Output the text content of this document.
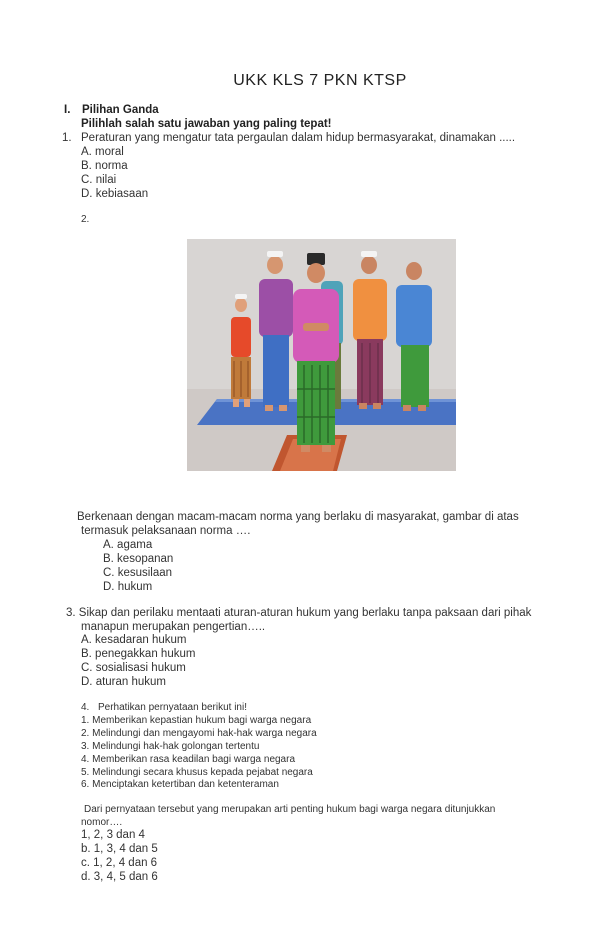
UKK KLS 7 PKN KTSP
I. Pilihan Ganda
Pilihlah salah satu jawaban yang paling tepat!
1. Peraturan yang mengatur tata pergaulan dalam hidup bermasyarakat, dinamakan .....
A. moral
B. norma
C. nilai
D. kebiasaan
2.
Berkenaan dengan macam-macam norma yang berlaku di masyarakat, gambar di atas
termasuk pelaksanaan norma ….
A. agama
B. kesopanan
C. kesusilaan
D. hukum
3. Sikap dan perilaku mentaati aturan-aturan hukum yang berlaku tanpa paksaan dari pihak
manapun merupakan pengertian…..
A. kesadaran hukum
B. penegakkan hukum
C. sosialisasi hukum
D. aturan hukum
4. Perhatikan pernyataan berikut ini!
1. Memberikan kepastian hukum bagi warga negara
2. Melindungi dan mengayomi hak-hak warga negara
3. Melindungi hak-hak golongan tertentu
4. Memberikan rasa keadilan bagi warga negara
5. Melindungi secara khusus kepada pejabat negara
6. Menciptakan ketertiban dan ketenteraman
Dari pernyataan tersebut yang merupakan arti penting hukum bagi warga negara ditunjukkan
nomor….
1, 2, 3 dan 4
b. 1, 3, 4 dan 5
c. 1, 2, 4 dan 6
d. 3, 4, 5 dan 6
